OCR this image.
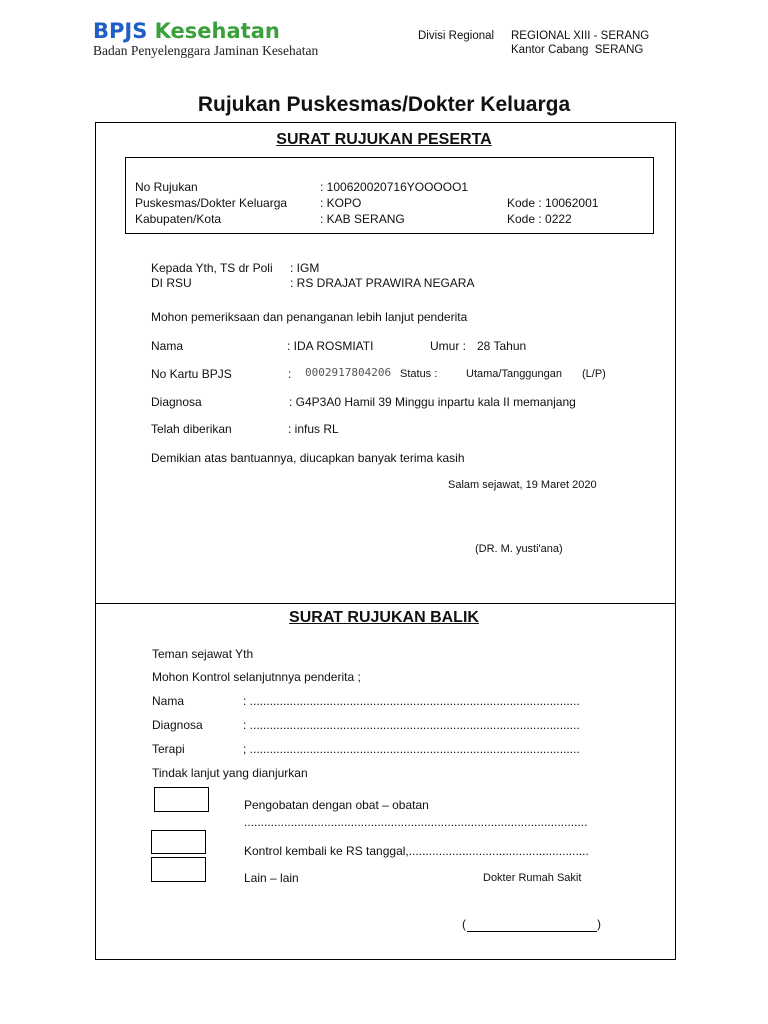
BPJS Kesehatan
Badan Penyelenggara Jaminan Kesehatan
Divisi Regional REGIONAL XIII - SERANG
Kantor Cabang SERANG
Rujukan Puskesmas/Dokter Keluarga
SURAT RUJUKAN PESERTA
No Rujukan	: 100620020716YOOOOO1
Puskesmas/Dokter Keluarga	: KOPO	Kode : 10062001
Kabupaten/Kota	: KAB SERANG	Kode : 0222
Kepada Yth, TS dr Poli : IGM
DI RSU	: RS DRAJAT PRAWIRA NEGARA
Mohon pemeriksaan dan penanganan lebih lanjut penderita
Nama	: IDA ROSMIATI	Umur : 28 Tahun
No Kartu BPJS	: 0002917804206 Status :	Utama/Tanggungan (L/P)
Diagnosa	: G4P3A0 Hamil 39 Minggu inpartu kala II memanjang
Telah diberikan	: infus RL
Demikian atas bantuannya, diucapkan banyak terima kasih
Salam sejawat, 19 Maret 2020
(DR. M. yusti'ana)
SURAT RUJUKAN BALIK
Teman sejawat Yth
Mohon Kontrol selanjutnnya penderita ;
Nama	: ...................................................................................................
Diagnosa	: ...................................................................................................
Terapi	; ...................................................................................................
Tindak lanjut yang dianjurkan
Pengobatan dengan obat – obatan
.......................................................................................................
Kontrol kembali ke RS tanggal,......................................................
Lain – lain	Dokter Rumah Sakit
(	)
